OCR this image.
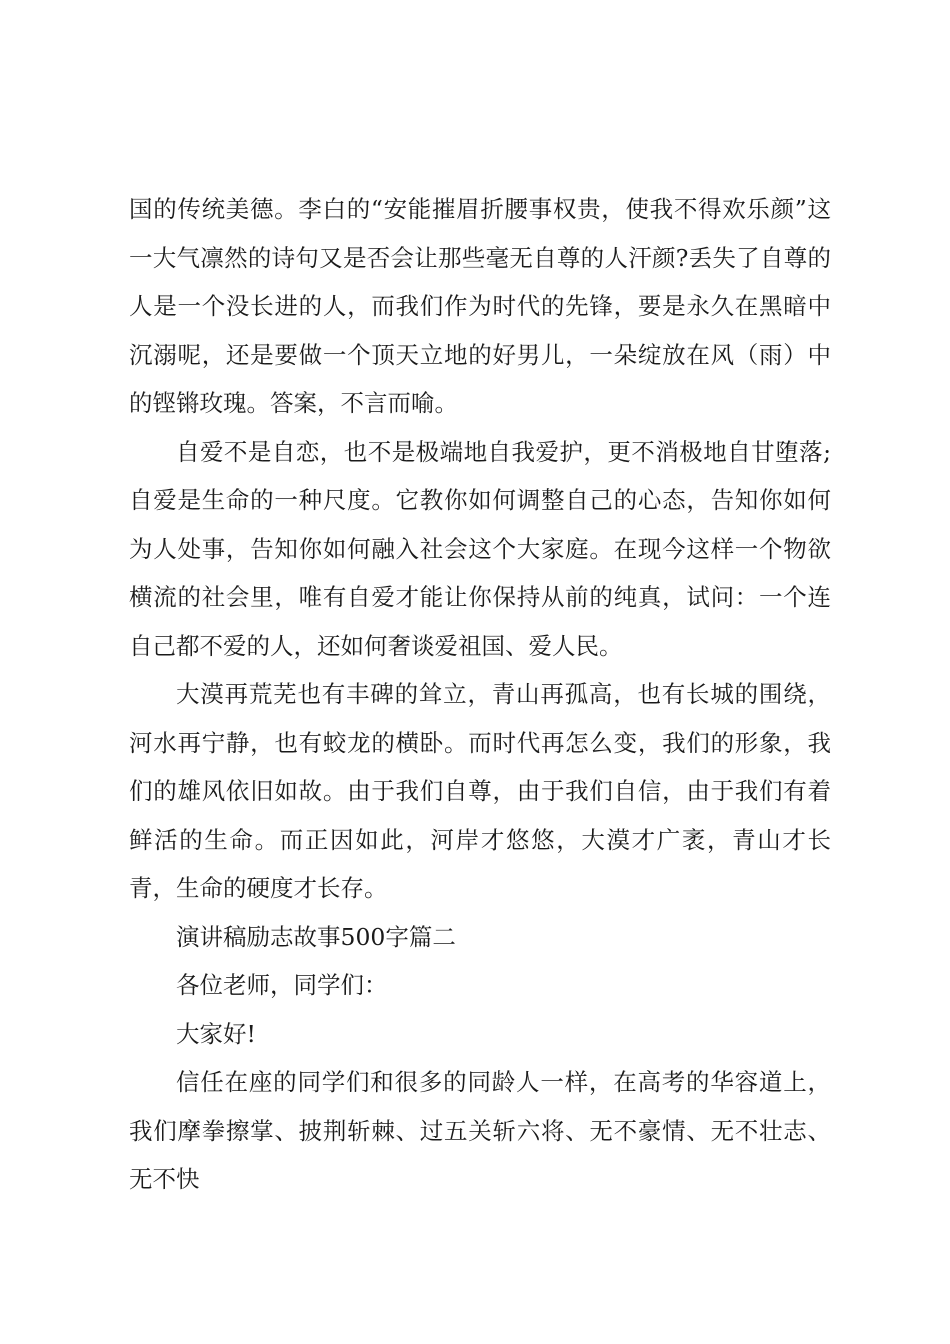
国的传统美德。李白的“安能摧眉折腰事权贵，使我不得欢乐颜”这一大气凛然的诗句又是否会让那些毫无自尊的人汗颜?丢失了自尊的人是一个没长进的人，而我们作为时代的先锋，要是永久在黑暗中沉溺呢，还是要做一个顶天立地的好男儿，一朵绽放在风（雨）中的铿锵玫瑰。答案，不言而喻。

自爱不是自恋，也不是极端地自我爱护，更不消极地自甘堕落;自爱是生命的一种尺度。它教你如何调整自己的心态，告知你如何为人处事，告知你如何融入社会这个大家庭。在现今这样一个物欲横流的社会里，唯有自爱才能让你保持从前的纯真，试问：一个连自己都不爱的人，还如何奢谈爱祖国、爱人民。

大漠再荒芜也有丰碑的耸立，青山再孤高，也有长城的围绕，河水再宁静，也有蛟龙的横卧。而时代再怎么变，我们的形象，我们的雄风依旧如故。由于我们自尊，由于我们自信，由于我们有着鲜活的生命。而正因如此，河岸才悠悠，大漠才广袤，青山才长青，生命的硬度才长存。

演讲稿励志故事500字篇二

各位老师，同学们：

大家好!

信任在座的同学们和很多的同龄人一样，在高考的华容道上，我们摩拳擦掌、披荆斩棘、过五关斩六将、无不豪情、无不壮志、无不快
